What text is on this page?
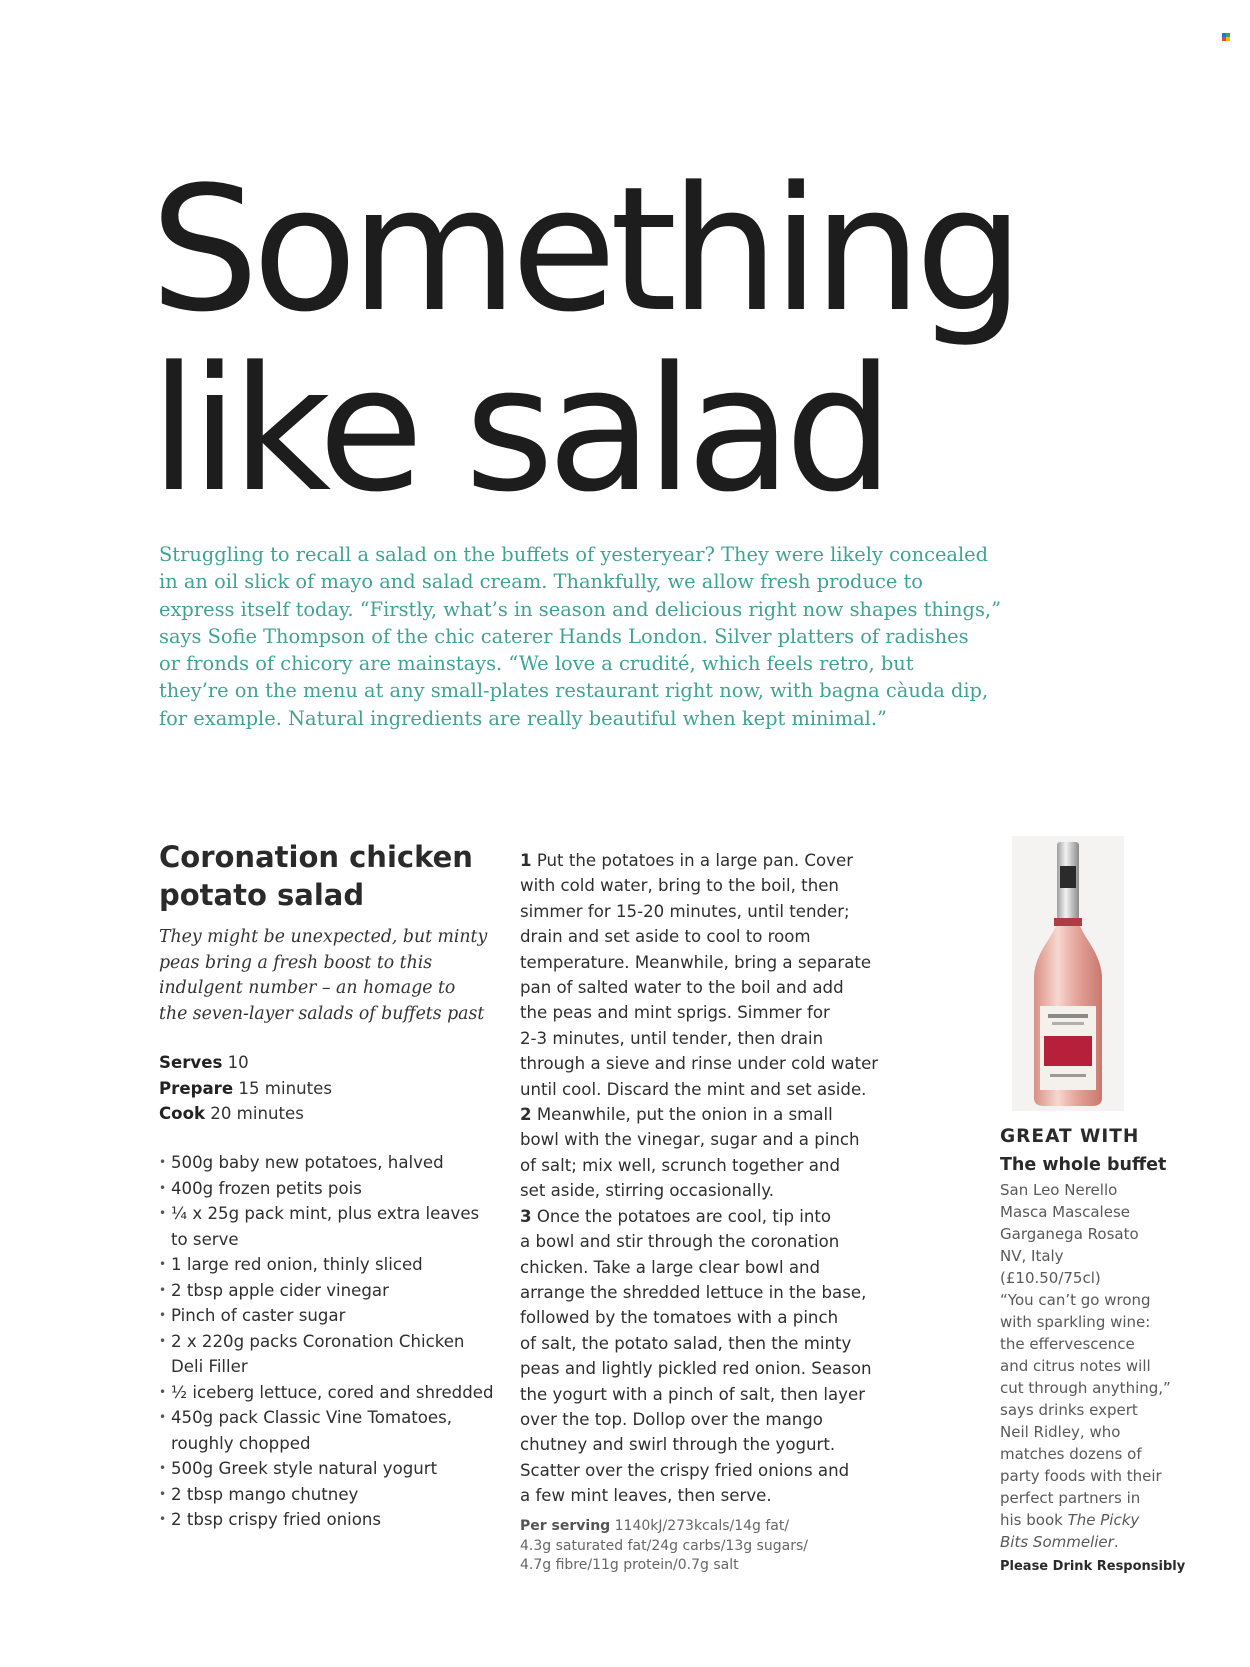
Something
like salad

Struggling to recall a salad on the buffets of yesteryear? They were likely concealed
in an oil slick of mayo and salad cream. Thankfully, we allow fresh produce to
express itself today. “Firstly, what’s in season and delicious right now shapes things,”
says Sofie Thompson of the chic caterer Hands London. Silver platters of radishes
or fronds of chicory are mainstays. “We love a crudité, which feels retro, but
they’re on the menu at any small-plates restaurant right now, with bagna càuda dip,
for example. Natural ingredients are really beautiful when kept minimal.”

Coronation chicken
potato salad
They might be unexpected, but minty
peas bring a fresh boost to this
indulgent number – an homage to
the seven-layer salads of buffets past
Serves 10
Prepare 15 minutes
Cook 20 minutes
• 500g baby new potatoes, halved
• 400g frozen petits pois
• ¼ x 25g pack mint, plus extra leaves
to serve
• 1 large red onion, thinly sliced
• 2 tbsp apple cider vinegar
• Pinch of caster sugar
• 2 x 220g packs Coronation Chicken
Deli Filler
• ½ iceberg lettuce, cored and shredded
• 450g pack Classic Vine Tomatoes,
roughly chopped
• 500g Greek style natural yogurt
• 2 tbsp mango chutney
• 2 tbsp crispy fried onions
1 Put the potatoes in a large pan. Cover
with cold water, bring to the boil, then
simmer for 15-20 minutes, until tender;
drain and set aside to cool to room
temperature. Meanwhile, bring a separate
pan of salted water to the boil and add
the peas and mint sprigs. Simmer for
2-3 minutes, until tender, then drain
through a sieve and rinse under cold water
until cool. Discard the mint and set aside.
2 Meanwhile, put the onion in a small
bowl with the vinegar, sugar and a pinch
of salt; mix well, scrunch together and
set aside, stirring occasionally.
3 Once the potatoes are cool, tip into
a bowl and stir through the coronation
chicken. Take a large clear bowl and
arrange the shredded lettuce in the base,
followed by the tomatoes with a pinch
of salt, the potato salad, then the minty
peas and lightly pickled red onion. Season
the yogurt with a pinch of salt, then layer
over the top. Dollop over the mango
chutney and swirl through the yogurt.
Scatter over the crispy fried onions and
a few mint leaves, then serve.
Per serving 1140kJ/273kcals/14g fat/
4.3g saturated fat/24g carbs/13g sugars/
4.7g fibre/11g protein/0.7g salt
GREAT WITH
The whole buffet
San Leo Nerello
Masca Mascalese
Garganega Rosato
NV, Italy
(£10.50/75cl)
“You can’t go wrong
with sparkling wine:
the effervescence
and citrus notes will
cut through anything,”
says drinks expert
Neil Ridley, who
matches dozens of
party foods with their
perfect partners in
his book The Picky
Bits Sommelier.
Please Drink Responsibly
